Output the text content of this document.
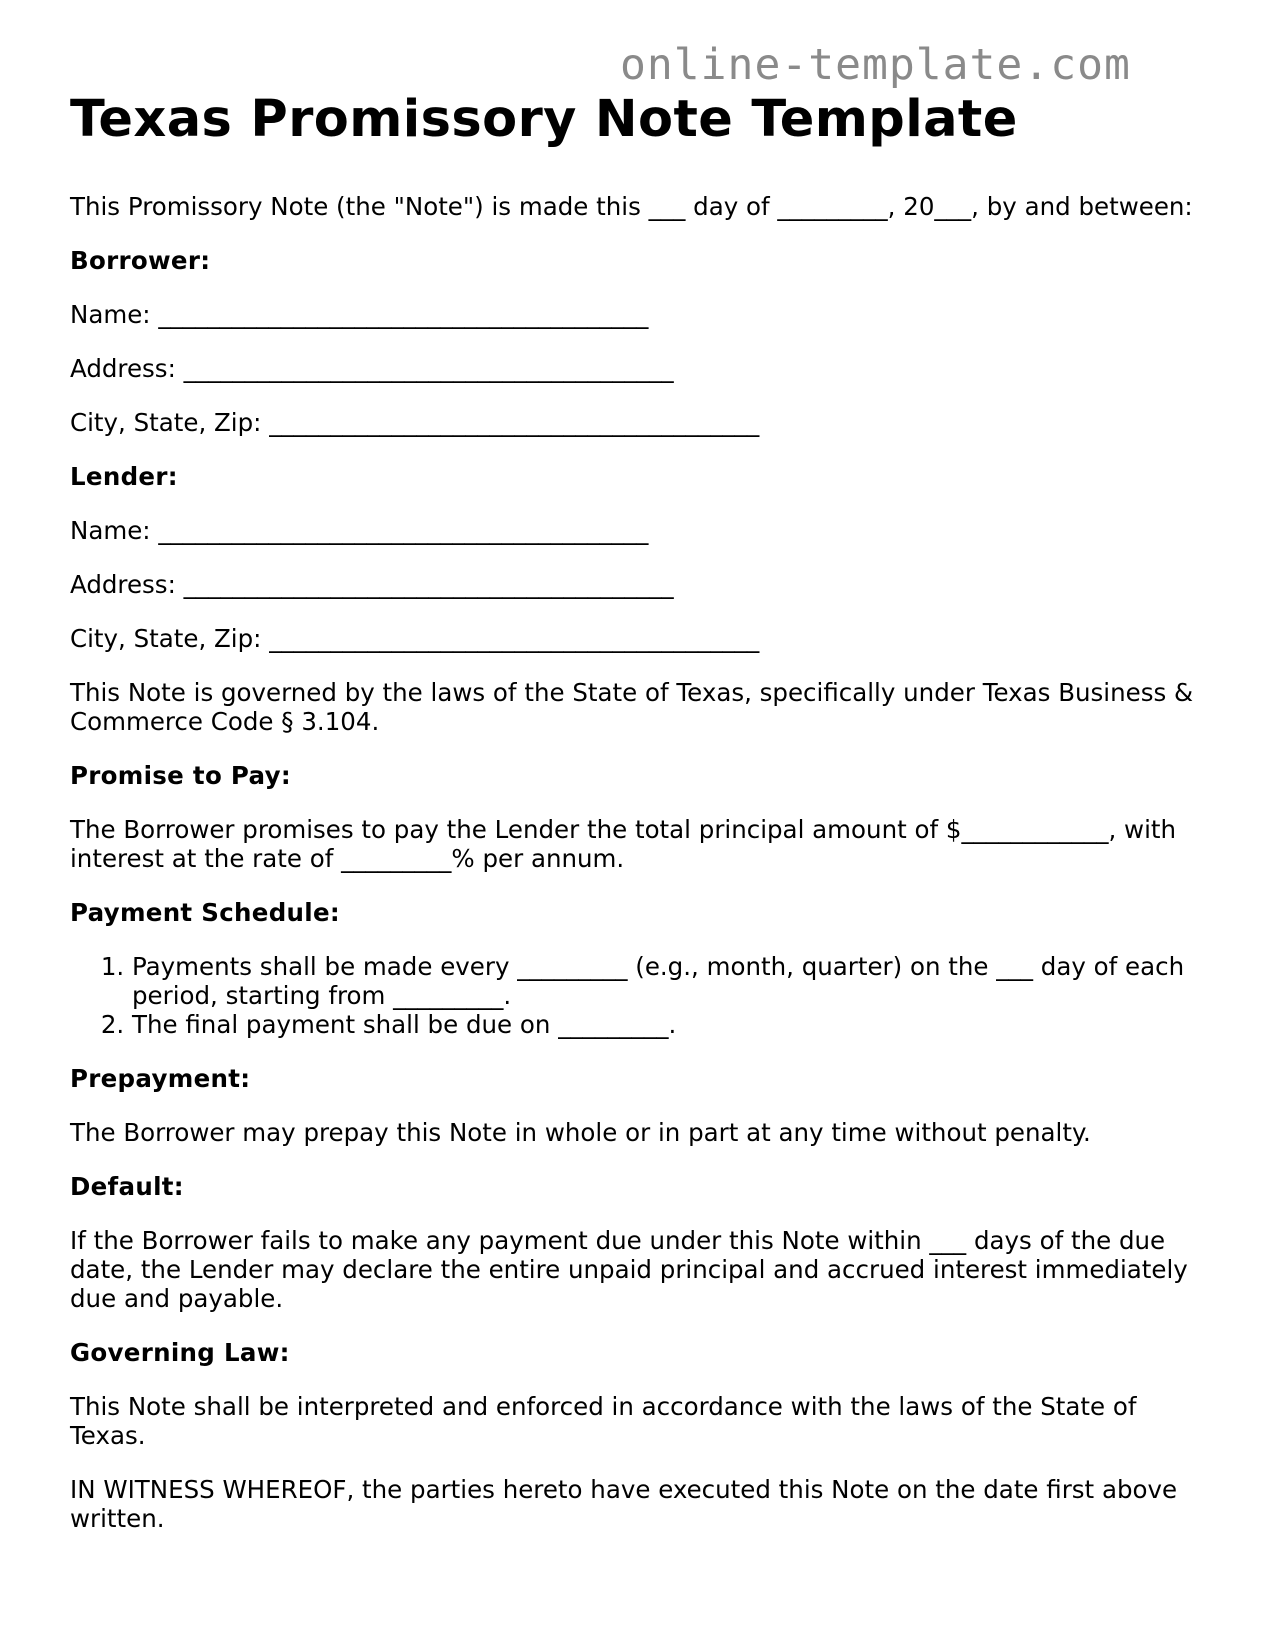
online-template.com
Texas Promissory Note Template

This Promissory Note (the "Note") is made this ___ day of _________, 20___, by and between:

Borrower:

Name: ________________________________________

Address: ________________________________________

City, State, Zip: ________________________________________

Lender:

Name: ________________________________________

Address: ________________________________________

City, State, Zip: ________________________________________

This Note is governed by the laws of the State of Texas, specifically under Texas Business & Commerce Code § 3.104.

Promise to Pay:

The Borrower promises to pay the Lender the total principal amount of $____________, with interest at the rate of _________% per annum.

Payment Schedule:

1. Payments shall be made every _________ (e.g., month, quarter) on the ___ day of each period, starting from _________.
2. The final payment shall be due on _________.

Prepayment:

The Borrower may prepay this Note in whole or in part at any time without penalty.

Default:

If the Borrower fails to make any payment due under this Note within ___ days of the due date, the Lender may declare the entire unpaid principal and accrued interest immediately due and payable.

Governing Law:

This Note shall be interpreted and enforced in accordance with the laws of the State of Texas.

IN WITNESS WHEREOF, the parties hereto have executed this Note on the date first above written.
